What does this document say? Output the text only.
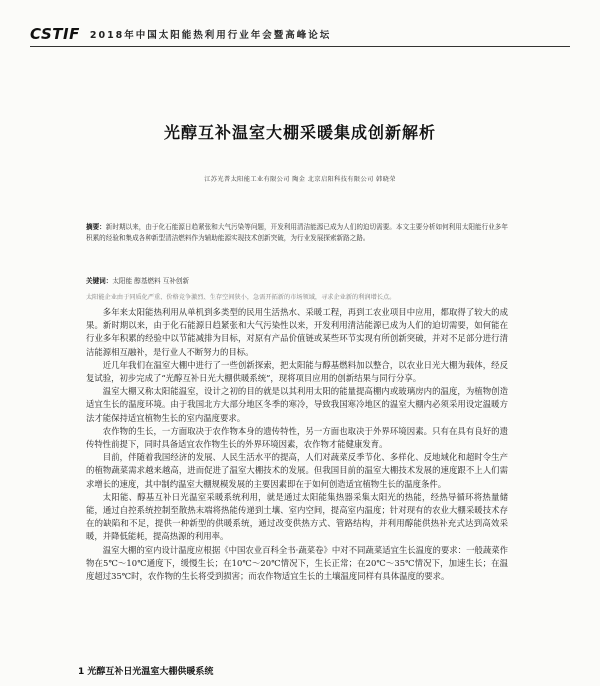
CSTIF 2018年中国太阳能热利用行业年会暨高峰论坛
光醇互补温室大棚采暖集成创新解析
江苏光普太阳能工业有限公司 陶金 北京启阳科技有限公司 韩晓荣
摘要：新时期以来，由于化石能源日趋紧张和大气污染等问题，开发利用清洁能源已成为人们的迫切需要。本文主要分析如何利用太阳能行业多年积累的经验和集成各种新型清洁燃料作为辅助能源实现技术创新突破，为行业发展探索新路之路。
关键词：太阳能 醇基燃料 互补创新
太阳能企业由于同质化严重、价格竞争激烈、生存空间狭小，急需开拓新的市场领域，寻求企业新的利润增长点。

多年来太阳能热利用从单机到多类型的民用生活热水、采暖工程，再到工农业项目中应用，都取得了较大的成果。新时期以来，由于化石能源日趋紧张和大气污染性以来，开发利用清洁能源已成为人们的迫切需要，如何能在行业多年积累的经验中以节能减排为目标，对原有产品价值链或某些环节实现有所创新突破，并对不足部分进行清洁能源相互融补，是行业人不断努力的目标。

近几年我们在温室大棚中进行了一些创新探索，把太阳能与醇基燃料加以整合，以农业日光大棚为载体，经反复试验，初步完成了“光醇互补日光大棚供暖系统”，现将项目应用的创新结果与同行分享。

温室大棚又称太阳能温室，设计之初的目的就是以其利用太阳的能量提高棚内或玻璃房内的温度，为植物创造适宜生长的温度环境。由于我国北方大部分地区冬季的寒冷，导致我国寒冷地区的温室大棚内必须采用设定温暖方法才能保持适宜植物生长的室内温度要求。

农作物的生长，一方面取决于农作物本身的遗传特性，另一方面也取决于外界环境因素。只有在具有良好的遗传特性前提下，同时具备适宜农作物生长的外界环境因素，农作物才能健康发育。

目前，伴随着我国经济的发展、人民生活水平的提高，人们对蔬菜反季节化、多样化、反地域化和超时令生产的植物蔬菜需求越来越高，进而促进了温室大棚技术的发展。但我国目前的温室大棚技术发展的速度跟不上人们需求增长的速度，其中制约温室大棚规模发展的主要因素即在于如何创造适宜植物生长的温度条件。

太阳能、醇基互补日光温室采暖系统利用，就是通过太阳能集热器采集太阳光的热能，经热导循环将热量储能，通过自控系统控制至散热末端将热能传递到土壤、室内空间，提高室内温度；针对现有的农业大棚采暖技术存在的缺陷和不足，提供一种新型的供暖系统，通过改变供热方式、管路结构，并利用醇能供热补充式达到高效采暖，并降低能耗，提高热源的利用率。

温室大棚的室内设计温度应根据《中国农业百科全书·蔬菜卷》中对不同蔬菜适宜生长温度的要求：一般蔬菜作物在5℃～10℃通度下，缓慢生长；在10℃～20℃情况下，生长正常；在20℃～35℃情况下，加速生长；在温度超过35℃时，农作物的生长将受到损害；而农作物适宜生长的土壤温度同样有具体温度的要求。

1 光醇互补日光温室大棚供暖系统
